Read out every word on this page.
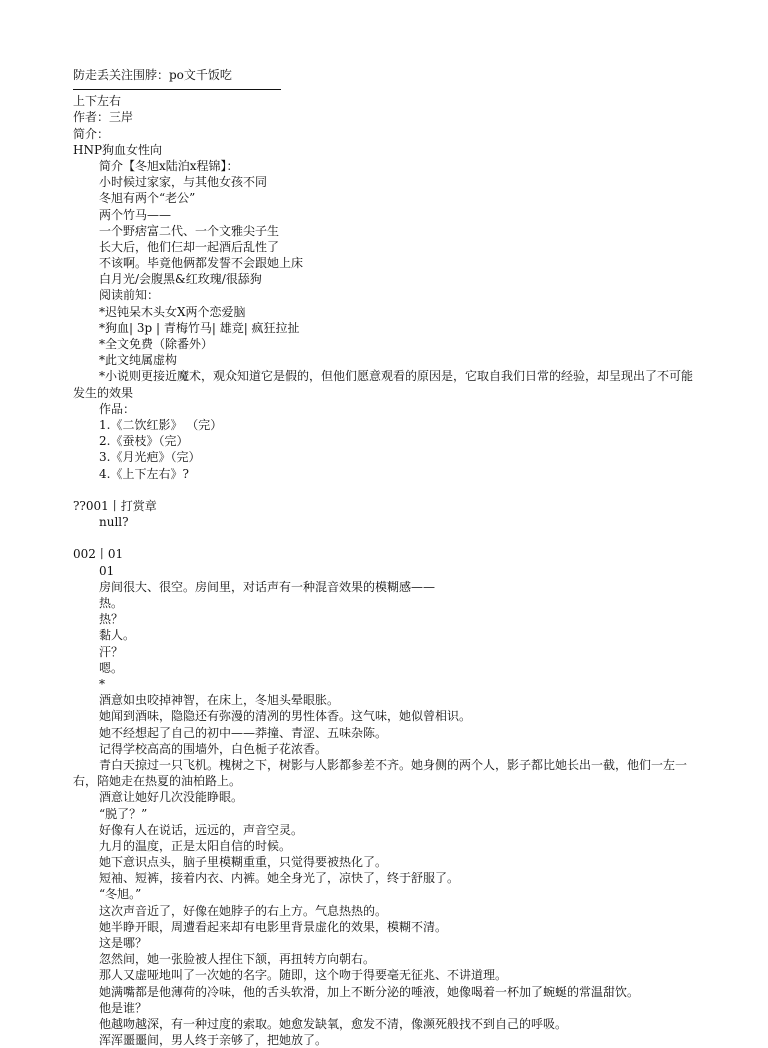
防走丢关注围脖：po文千饭吃
上下左右
作者：三岸
简介：
HNP狗血女性向
简介【冬旭x陆泊x程锦】：
小时候过家家，与其他女孩不同
冬旭有两个“老公”
两个竹马——
一个野痞富二代、一个文雅尖子生
长大后，他们仨却一起酒后乱性了
不该啊。毕竟他俩都发誓不会跟她上床
白月光/会腹黑&红玫瑰/很舔狗
阅读前知：
*迟钝呆木头女X两个恋爱脑
*狗血| 3p | 青梅竹马| 雄竞| 疯狂拉扯
*全文免费（除番外）
*此文纯属虚构
*小说则更接近魔术，观众知道它是假的，但他们愿意观看的原因是，它取自我们日常的经验，却呈现出了不可能发生的效果
作品：
1.《二饮红影》 （完）
2.《蚕枝》（完）
3.《月光疤》（完）
4.《上下左右》?
??001丨打赏章
null?
002丨01
01
房间很大、很空。房间里，对话声有一种混音效果的模糊感——
热。
热？
黏人。
汗？
嗯。
*
酒意如虫咬掉神智，在床上，冬旭头晕眼胀。
她闻到酒味，隐隐还有弥漫的清冽的男性体香。这气味，她似曾相识。
她不经想起了自己的初中——莽撞、青涩、五味杂陈。
记得学校高高的围墙外，白色栀子花浓香。
青白天掠过一只飞机。槐树之下，树影与人影都参差不齐。她身侧的两个人，影子都比她长出一截，他们一左一右，陪她走在热夏的油柏路上。
酒意让她好几次没能睁眼。
“脱了？”
好像有人在说话，远远的，声音空灵。
九月的温度，正是太阳自信的时候。
她下意识点头，脑子里模糊重重，只觉得要被热化了。
短袖、短裤，接着内衣、内裤。她全身光了，凉快了，终于舒服了。
“冬旭。”
这次声音近了，好像在她脖子的右上方。气息热热的。
她半睁开眼，周遭看起来却有电影里背景虚化的效果，模糊不清。
这是哪？
忽然间，她一张脸被人捏住下颔，再扭转方向朝右。
那人又虚哑地叫了一次她的名字。随即，这个吻于得要毫无征兆、不讲道理。
她满嘴都是他薄荷的冷味，他的舌头软滑，加上不断分泌的唾液，她像喝着一杯加了蜿蜒的常温甜饮。
他是谁？
他越吻越深，有一种过度的索取。她愈发缺氧，愈发不清，像濒死般找不到自己的呼吸。
浑浑噩噩间，男人终于亲够了，把她放了。
